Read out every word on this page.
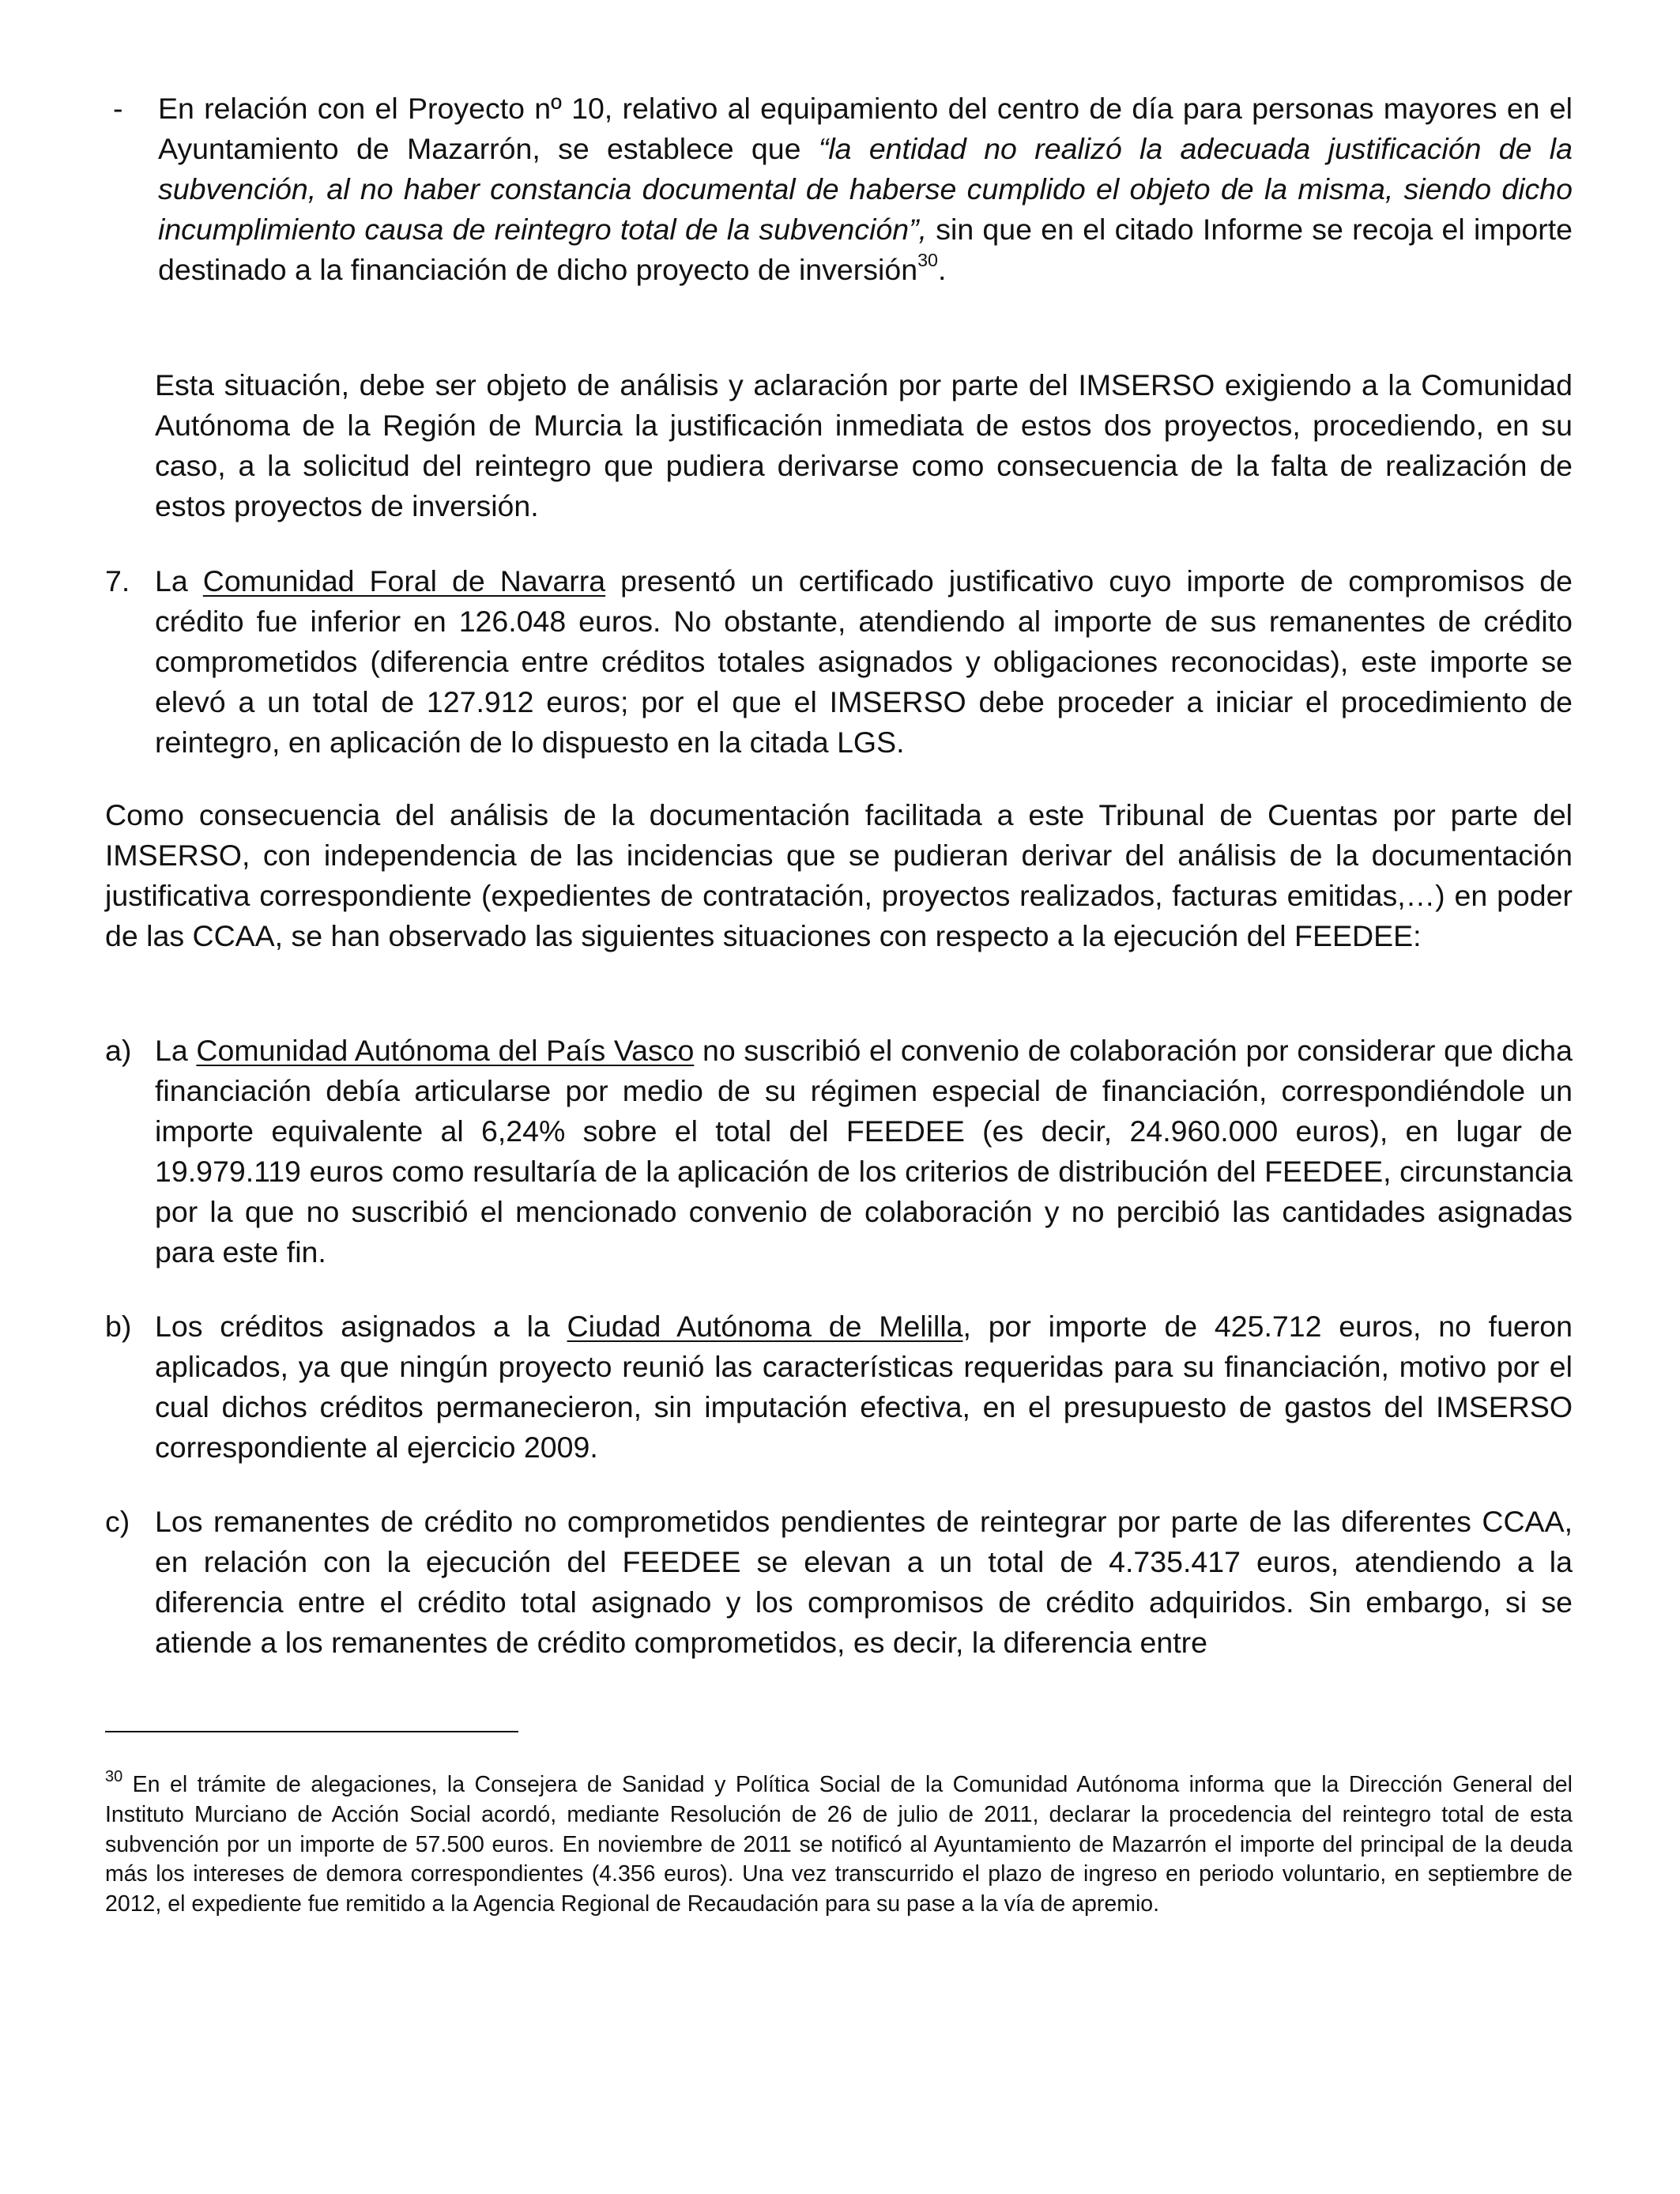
- En relación con el Proyecto nº 10, relativo al equipamiento del centro de día para personas mayores en el Ayuntamiento de Mazarrón, se establece que “la entidad no realizó la adecuada justificación de la subvención, al no haber constancia documental de haberse cumplido el objeto de la misma, siendo dicho incumplimiento causa de reintegro total de la subvención”, sin que en el citado Informe se recoja el importe destinado a la financiación de dicho proyecto de inversión$^{30}$.

Esta situación, debe ser objeto de análisis y aclaración por parte del IMSERSO exigiendo a la Comunidad Autónoma de la Región de Murcia la justificación inmediata de estos dos proyectos, procediendo, en su caso, a la solicitud del reintegro que pudiera derivarse como consecuencia de la falta de realización de estos proyectos de inversión.

7. La Comunidad Foral de Navarra presentó un certificado justificativo cuyo importe de compromisos de crédito fue inferior en 126.048 euros. No obstante, atendiendo al importe de sus remanentes de crédito comprometidos (diferencia entre créditos totales asignados y obligaciones reconocidas), este importe se elevó a un total de 127.912 euros; por el que el IMSERSO debe proceder a iniciar el procedimiento de reintegro, en aplicación de lo dispuesto en la citada LGS.

Como consecuencia del análisis de la documentación facilitada a este Tribunal de Cuentas por parte del IMSERSO, con independencia de las incidencias que se pudieran derivar del análisis de la documentación justificativa correspondiente (expedientes de contratación, proyectos realizados, facturas emitidas,…) en poder de las CCAA, se han observado las siguientes situaciones con respecto a la ejecución del FEEDEE:

a) La Comunidad Autónoma del País Vasco no suscribió el convenio de colaboración por considerar que dicha financiación debía articularse por medio de su régimen especial de financiación, correspondiéndole un importe equivalente al 6,24% sobre el total del FEEDEE (es decir, 24.960.000 euros), en lugar de 19.979.119 euros como resultaría de la aplicación de los criterios de distribución del FEEDEE, circunstancia por la que no suscribió el mencionado convenio de colaboración y no percibió las cantidades asignadas para este fin.

b) Los créditos asignados a la Ciudad Autónoma de Melilla, por importe de 425.712 euros, no fueron aplicados, ya que ningún proyecto reunió las características requeridas para su financiación, motivo por el cual dichos créditos permanecieron, sin imputación efectiva, en el presupuesto de gastos del IMSERSO correspondiente al ejercicio 2009.

c) Los remanentes de crédito no comprometidos pendientes de reintegrar por parte de las diferentes CCAA, en relación con la ejecución del FEEDEE se elevan a un total de 4.735.417 euros, atendiendo a la diferencia entre el crédito total asignado y los compromisos de crédito adquiridos. Sin embargo, si se atiende a los remanentes de crédito comprometidos, es decir, la diferencia entre

$^{30}$ En el trámite de alegaciones, la Consejera de Sanidad y Política Social de la Comunidad Autónoma informa que la Dirección General del Instituto Murciano de Acción Social acordó, mediante Resolución de 26 de julio de 2011, declarar la procedencia del reintegro total de esta subvención por un importe de 57.500 euros. En noviembre de 2011 se notificó al Ayuntamiento de Mazarrón el importe del principal de la deuda más los intereses de demora correspondientes (4.356 euros). Una vez transcurrido el plazo de ingreso en periodo voluntario, en septiembre de 2012, el expediente fue remitido a la Agencia Regional de Recaudación para su pase a la vía de apremio.
